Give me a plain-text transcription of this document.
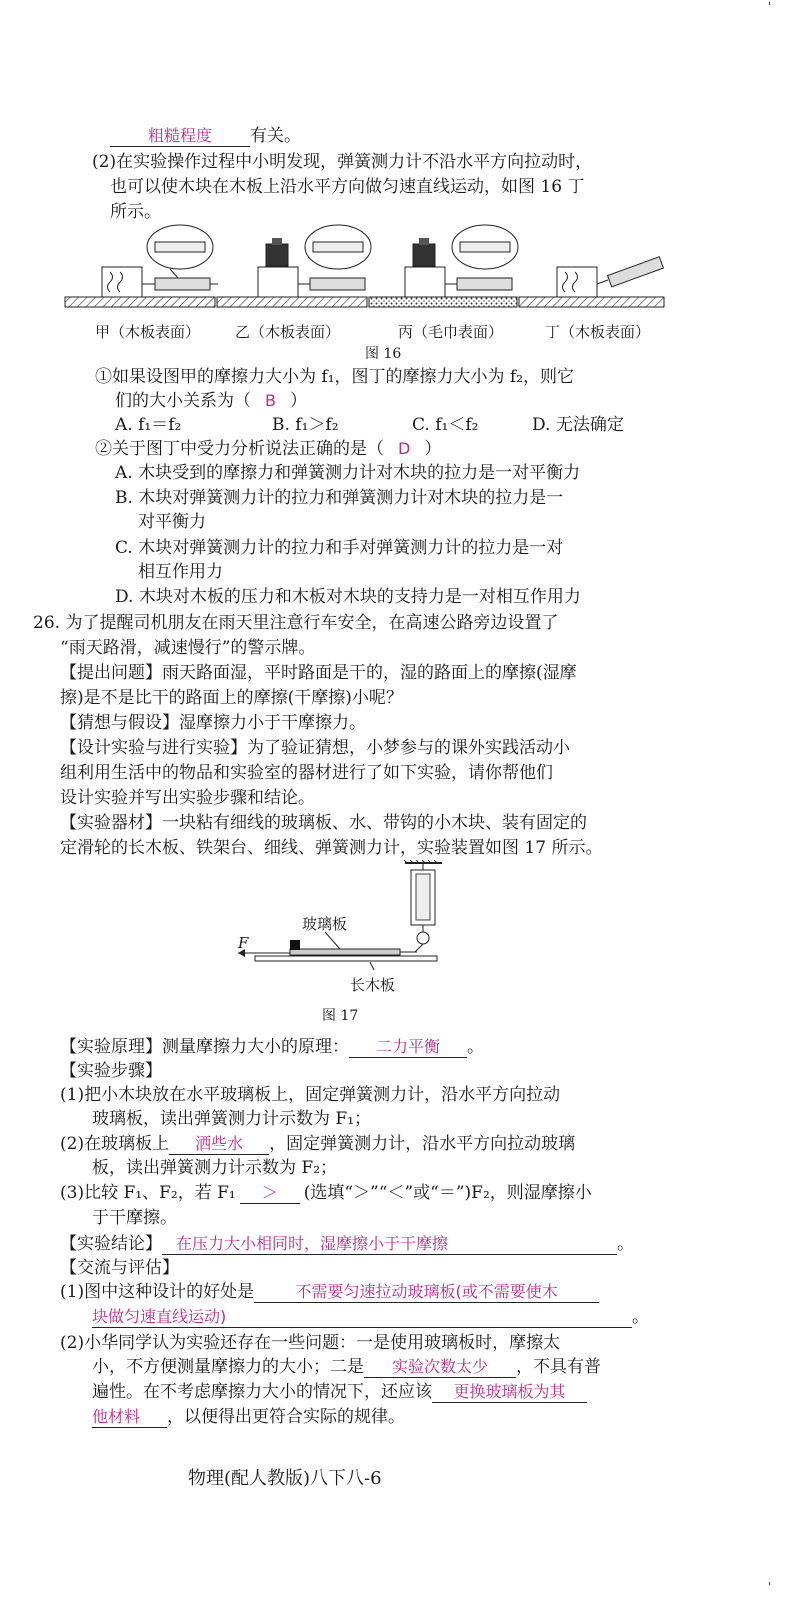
'
'
粗糙程度 有关。
(2)在实验操作过程中小明发现，弹簧测力计不沿水平方向拉动时，
也可以使木块在木板上沿水平方向做匀速直线运动，如图 16 丁
所示。
甲（木板表面） 乙（木板表面）	丙（毛巾表面）	丁（木板表面）
图 16
①如果设图甲的摩擦力大小为 f₁，图丁的摩擦力大小为 f₂，则它
们的大小关系为（ B ）
A. f₁＝f₂	B. f₁＞f₂	C. f₁＜f₂	D. 无法确定
②关于图丁中受力分析说法正确的是（ D ）
A. 木块受到的摩擦力和弹簧测力计对木块的拉力是一对平衡力
B. 木块对弹簧测力计的拉力和弹簧测力计对木块的拉力是一
对平衡力
C. 木块对弹簧测力计的拉力和手对弹簧测力计的拉力是一对
相互作用力
D. 木块对木板的压力和木板对木块的支持力是一对相互作用力
26. 为了提醒司机朋友在雨天里注意行车安全，在高速公路旁边设置了
“雨天路滑，减速慢行”的警示牌。
【提出问题】雨天路面湿，平时路面是干的，湿的路面上的摩擦(湿摩
擦)是不是比干的路面上的摩擦(干摩擦)小呢？
【猜想与假设】湿摩擦力小于干摩擦力。
【设计实验与进行实验】为了验证猜想，小梦参与的课外实践活动小
组利用生活中的物品和实验室的器材进行了如下实验，请你帮他们
设计实验并写出实验步骤和结论。
【实验器材】一块粘有细线的玻璃板、水、带钩的小木块、装有固定的
定滑轮的长木板、铁架台、细线、弹簧测力计，实验装置如图 17 所示。
玻璃板
F
长木板
图 17
【实验原理】测量摩擦力大小的原理： 二力平衡 。
【实验步骤】
(1)把小木块放在水平玻璃板上，固定弹簧测力计，沿水平方向拉动
玻璃板，读出弹簧测力计示数为 F₁；
(2)在玻璃板上 洒些水 ，固定弹簧测力计，沿水平方向拉动玻璃
板，读出弹簧测力计示数为 F₂；
(3)比较 F₁、F₂，若 F₁ ＞ (选填“＞”“＜”或“＝”)F₂，则湿摩擦小
于干摩擦。
【实验结论】 在压力大小相同时，湿摩擦小于干摩擦	。
【交流与评估】
(1)图中这种设计的好处是	不需要匀速拉动玻璃板(或不需要使木
块做匀速直线运动)	。
(2)小华同学认为实验还存在一些问题：一是使用玻璃板时，摩擦太
小，不方便测量摩擦力的大小；二是 实验次数太少 ，不具有普
遍性。在不考虑摩擦力大小的情况下，还应该 更换玻璃板为其
他材料 ，以便得出更符合实际的规律。
物理(配人教版)八下八-6
